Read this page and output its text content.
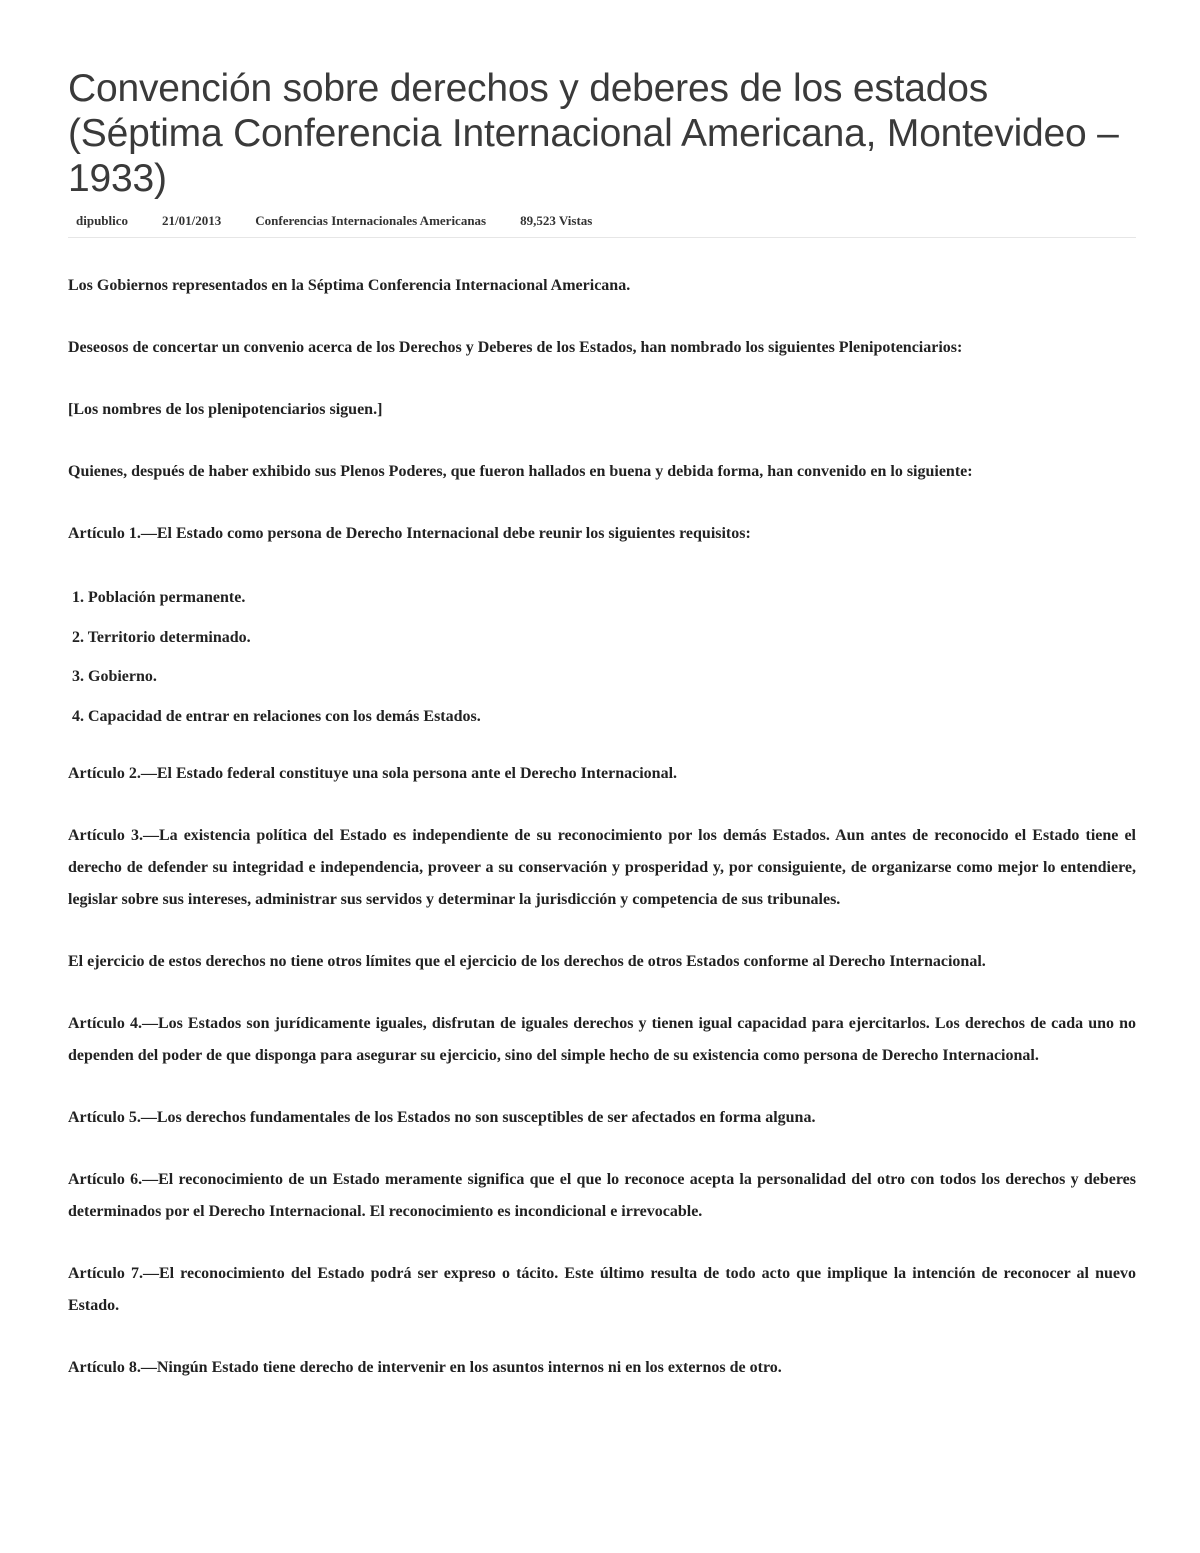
Convención sobre derechos y deberes de los estados (Séptima Conferencia Internacional Americana, Montevideo – 1933)
dipublico	21/01/2013	Conferencias Internacionales Americanas	89,523 Vistas

Los Gobiernos representados en la Séptima Conferencia Internacional Americana.

Deseosos de concertar un convenio acerca de los Derechos y Deberes de los Estados, han nombrado los siguientes Plenipotenciarios:

[Los nombres de los plenipotenciarios siguen.]

Quienes, después de haber exhibido sus Plenos Poderes, que fueron hallados en buena y debida forma, han convenido en lo siguiente:

Artículo 1.—El Estado como persona de Derecho Internacional debe reunir los siguientes requisitos:

1. Población permanente.
2. Territorio determinado.
3. Gobierno.
4. Capacidad de entrar en relaciones con los demás Estados.

Artículo 2.—El Estado federal constituye una sola persona ante el Derecho Internacional.

Artículo 3.—La existencia política del Estado es independiente de su reconocimiento por los demás Estados. Aun antes de reconocido el Estado tiene el derecho de defender su integridad e independencia, proveer a su conservación y prosperidad y, por consiguiente, de organizarse como mejor lo entendiere, legislar sobre sus intereses, administrar sus servidos y determinar la jurisdicción y competencia de sus tribunales.

El ejercicio de estos derechos no tiene otros límites que el ejercicio de los derechos de otros Estados conforme al Derecho Internacional.

Artículo 4.—Los Estados son jurídicamente iguales, disfrutan de iguales derechos y tienen igual capacidad para ejercitarlos. Los derechos de cada uno no dependen del poder de que disponga para asegurar su ejercicio, sino del simple hecho de su existencia como persona de Derecho Internacional.

Artículo 5.—Los derechos fundamentales de los Estados no son susceptibles de ser afectados en forma alguna.

Artículo 6.—El reconocimiento de un Estado meramente significa que el que lo reconoce acepta la personalidad del otro con todos los derechos y deberes determinados por el Derecho Internacional. El reconocimiento es incondicional e irrevocable.

Artículo 7.—El reconocimiento del Estado podrá ser expreso o tácito. Este último resulta de todo acto que implique la intención de reconocer al nuevo Estado.

Artículo 8.—Ningún Estado tiene derecho de intervenir en los asuntos internos ni en los externos de otro.
